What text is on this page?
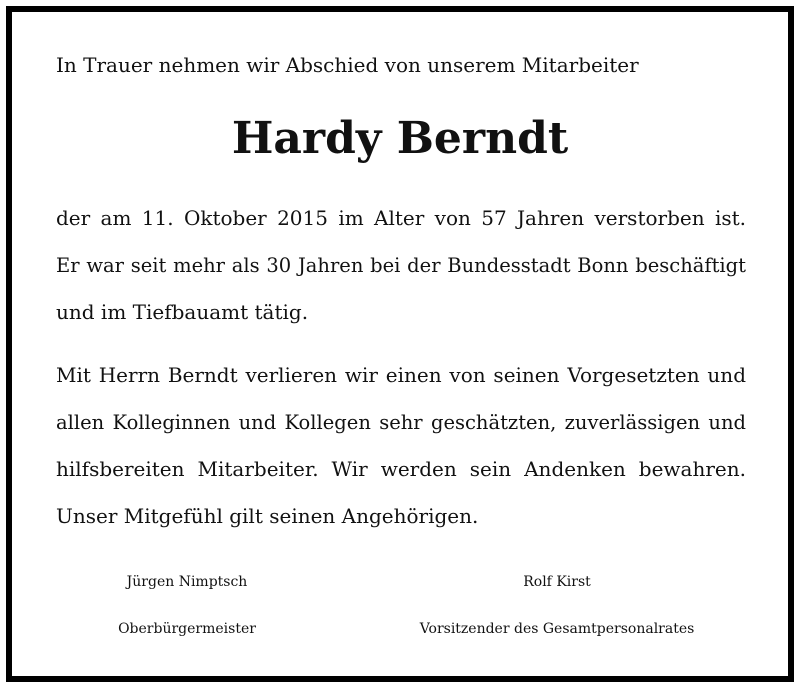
In Trauer nehmen wir Abschied von unserem Mitarbeiter
Hardy Berndt
der am 11. Oktober 2015 im Alter von 57 Jahren verstorben ist.
Er war seit mehr als 30 Jahren bei der Bundesstadt Bonn beschäftigt
und im Tiefbauamt tätig.
Mit Herrn Berndt verlieren wir einen von seinen Vorgesetzten und
allen Kolleginnen und Kollegen sehr geschätzten, zuverlässigen und
hilfsbereiten Mitarbeiter. Wir werden sein Andenken bewahren.
Unser Mitgefühl gilt seinen Angehörigen.
Jürgen Nimptsch
Oberbürgermeister
Rolf Kirst
Vorsitzender des Gesamtpersonalrates
